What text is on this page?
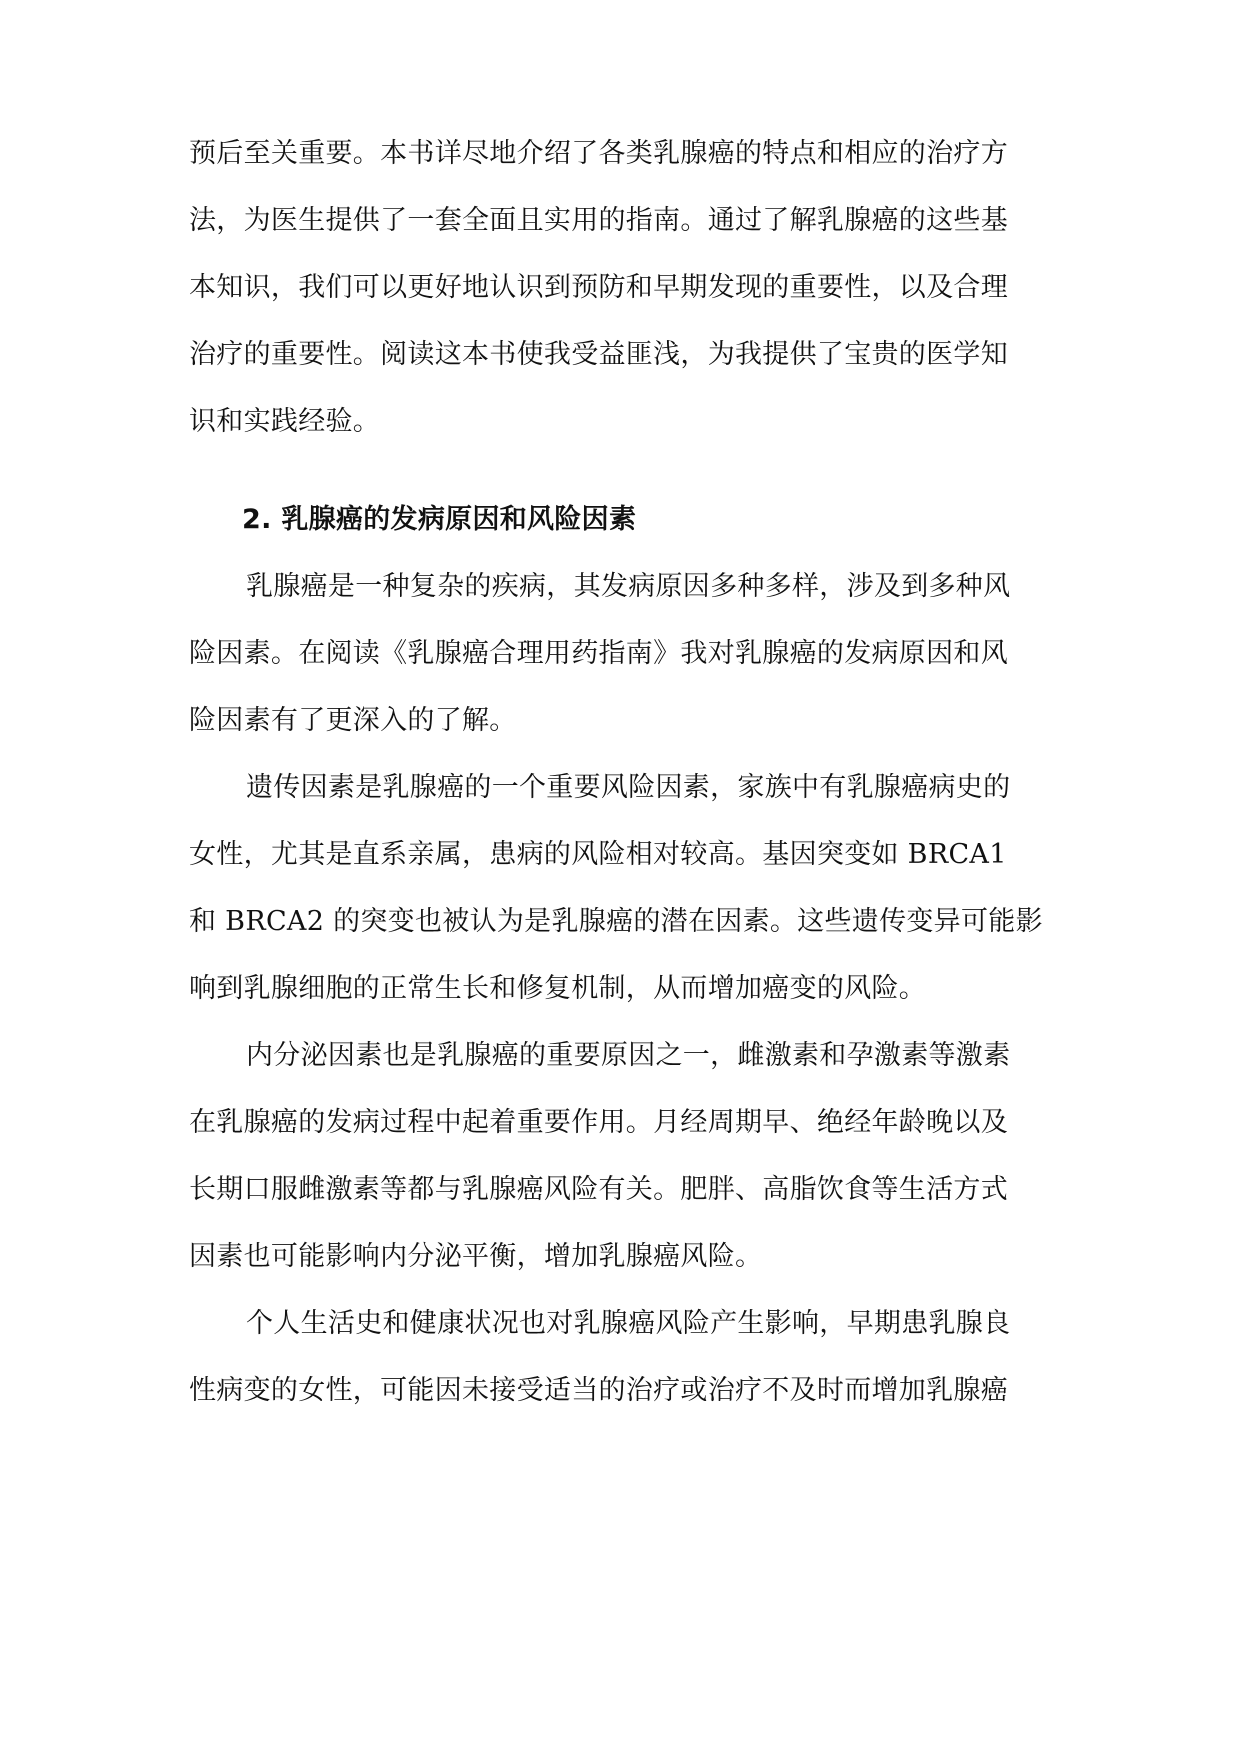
预后至关重要。本书详尽地介绍了各类乳腺癌的特点和相应的治疗方
法，为医生提供了一套全面且实用的指南。通过了解乳腺癌的这些基
本知识，我们可以更好地认识到预防和早期发现的重要性，以及合理
治疗的重要性。阅读这本书使我受益匪浅，为我提供了宝贵的医学知
识和实践经验。
2. 乳腺癌的发病原因和风险因素
乳腺癌是一种复杂的疾病，其发病原因多种多样，涉及到多种风
险因素。在阅读《乳腺癌合理用药指南》我对乳腺癌的发病原因和风
险因素有了更深入的了解。
遗传因素是乳腺癌的一个重要风险因素，家族中有乳腺癌病史的
女性，尤其是直系亲属，患病的风险相对较高。基因突变如 BRCA1
和 BRCA2 的突变也被认为是乳腺癌的潜在因素。这些遗传变异可能影
响到乳腺细胞的正常生长和修复机制，从而增加癌变的风险。
内分泌因素也是乳腺癌的重要原因之一，雌激素和孕激素等激素
在乳腺癌的发病过程中起着重要作用。月经周期早、绝经年龄晚以及
长期口服雌激素等都与乳腺癌风险有关。肥胖、高脂饮食等生活方式
因素也可能影响内分泌平衡，增加乳腺癌风险。
个人生活史和健康状况也对乳腺癌风险产生影响，早期患乳腺良
性病变的女性，可能因未接受适当的治疗或治疗不及时而增加乳腺癌
